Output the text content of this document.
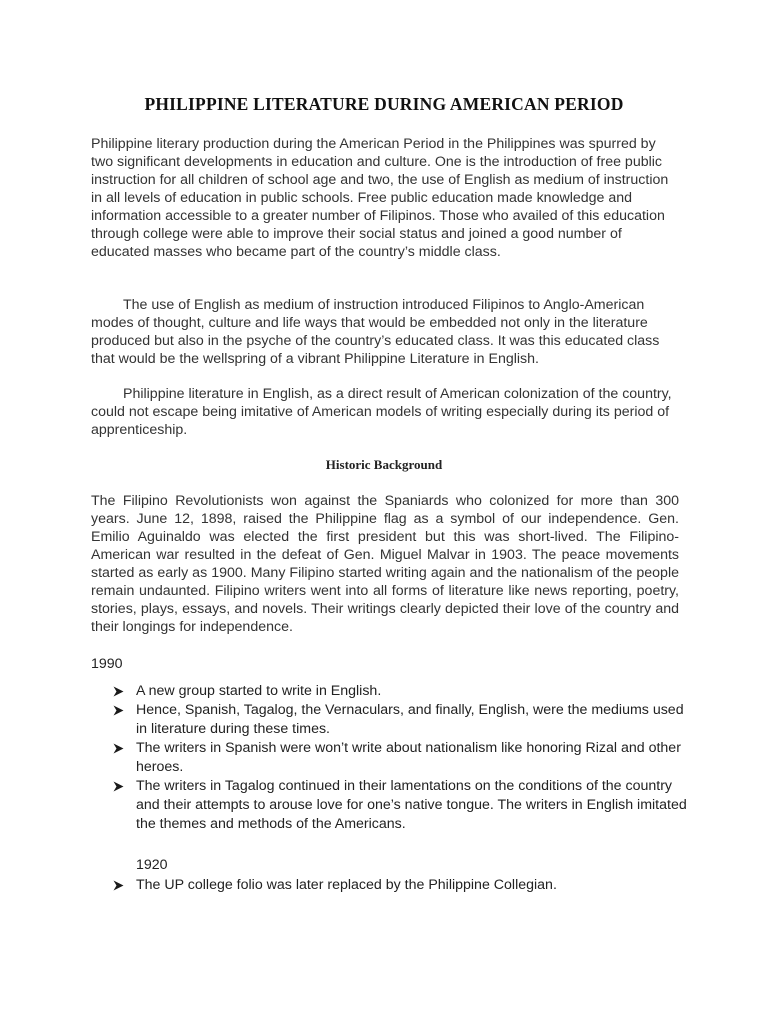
PHILIPPINE LITERATURE DURING AMERICAN PERIOD

Philippine literary production during the American Period in the Philippines was spurred by two significant developments in education and culture. One is the introduction of free public instruction for all children of school age and two, the use of English as medium of instruction in all levels of education in public schools. Free public education made knowledge and information accessible to a greater number of Filipinos. Those who availed of this education through college were able to improve their social status and joined a good number of educated masses who became part of the country’s middle class.

The use of English as medium of instruction introduced Filipinos to Anglo-American modes of thought, culture and life ways that would be embedded not only in the literature produced but also in the psyche of the country’s educated class. It was this educated class that would be the wellspring of a vibrant Philippine Literature in English.

Philippine literature in English, as a direct result of American colonization of the country, could not escape being imitative of American models of writing especially during its period of apprenticeship.

Historic Background

The Filipino Revolutionists won against the Spaniards who colonized for more than 300 years. June 12, 1898, raised the Philippine flag as a symbol of our independence. Gen. Emilio Aguinaldo was elected the first president but this was short-lived. The Filipino-American war resulted in the defeat of Gen. Miguel Malvar in 1903. The peace movements started as early as 1900. Many Filipino started writing again and the nationalism of the people remain undaunted. Filipino writers went into all forms of literature like news reporting, poetry, stories, plays, essays, and novels. Their writings clearly depicted their love of the country and their longings for independence.

1990

A new group started to write in English.
Hence, Spanish, Tagalog, the Vernaculars, and finally, English, were the mediums used in literature during these times.
The writers in Spanish were won’t write about nationalism like honoring Rizal and other heroes.
The writers in Tagalog continued in their lamentations on the conditions of the country and their attempts to arouse love for one’s native tongue. The writers in English imitated the themes and methods of the Americans.

1920

The UP college folio was later replaced by the Philippine Collegian.
